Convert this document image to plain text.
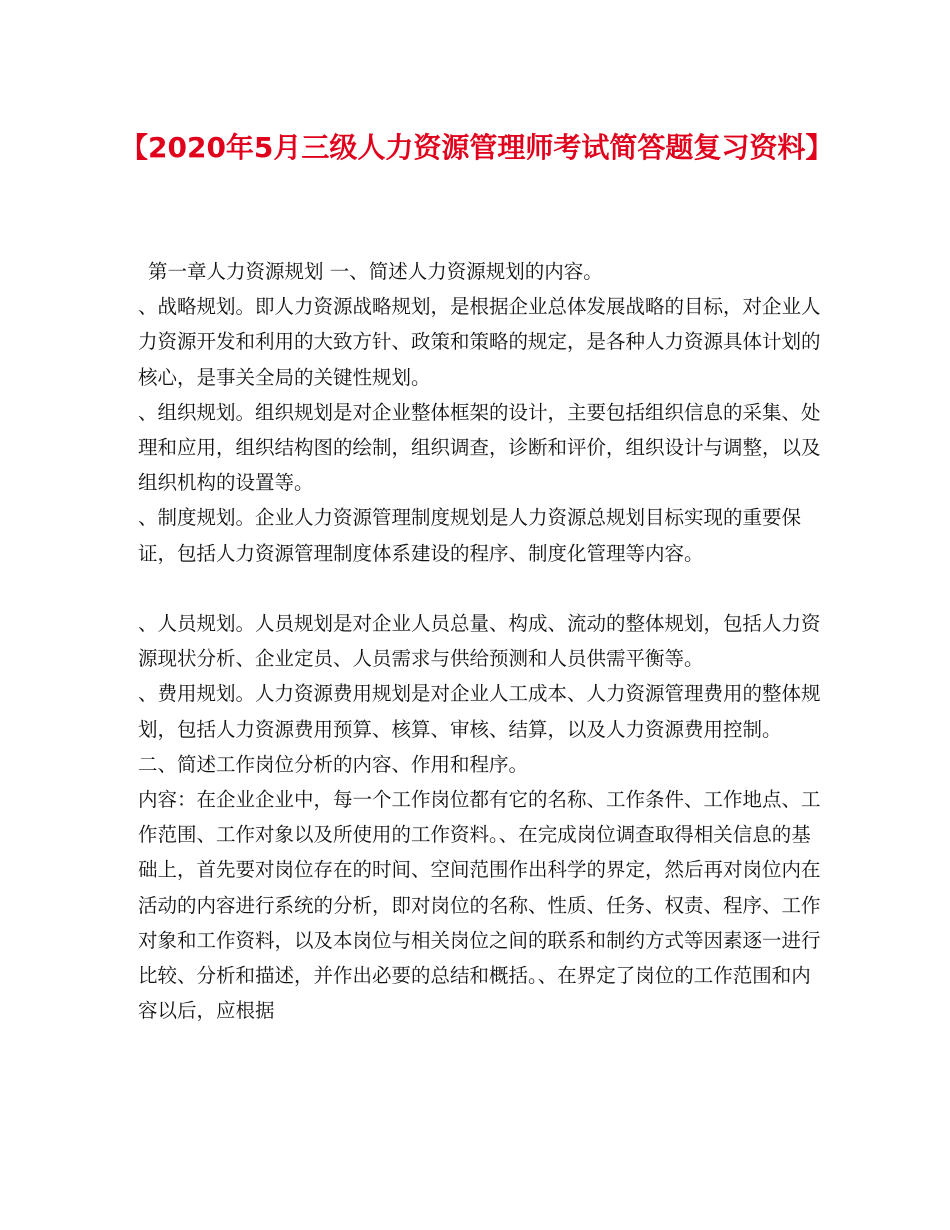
【2020年5月三级人力资源管理师考试简答题复习资料】

第一章人力资源规划 一、简述人力资源规划的内容。

、战略规划。即人力资源战略规划，是根据企业总体发展战略的目标，对企业人力资源开发和利用的大致方针、政策和策略的规定，是各种人力资源具体计划的核心，是事关全局的关键性规划。

、组织规划。组织规划是对企业整体框架的设计，主要包括组织信息的采集、处理和应用，组织结构图的绘制，组织调查，诊断和评价，组织设计与调整，以及组织机构的设置等。

、制度规划。企业人力资源管理制度规划是人力资源总规划目标实现的重要保证，包括人力资源管理制度体系建设的程序、制度化管理等内容。

、人员规划。人员规划是对企业人员总量、构成、流动的整体规划，包括人力资源现状分析、企业定员、人员需求与供给预测和人员供需平衡等。

、费用规划。人力资源费用规划是对企业人工成本、人力资源管理费用的整体规划，包括人力资源费用预算、核算、审核、结算，以及人力资源费用控制。

二、简述工作岗位分析的内容、作用和程序。

内容：在企业企业中，每一个工作岗位都有它的名称、工作条件、工作地点、工作范围、工作对象以及所使用的工作资料。、在完成岗位调查取得相关信息的基础上，首先要对岗位存在的时间、空间范围作出科学的界定，然后再对岗位内在活动的内容进行系统的分析，即对岗位的名称、性质、任务、权责、程序、工作对象和工作资料，以及本岗位与相关岗位之间的联系和制约方式等因素逐一进行比较、分析和描述，并作出必要的总结和概括。、在界定了岗位的工作范围和内容以后，应根据
